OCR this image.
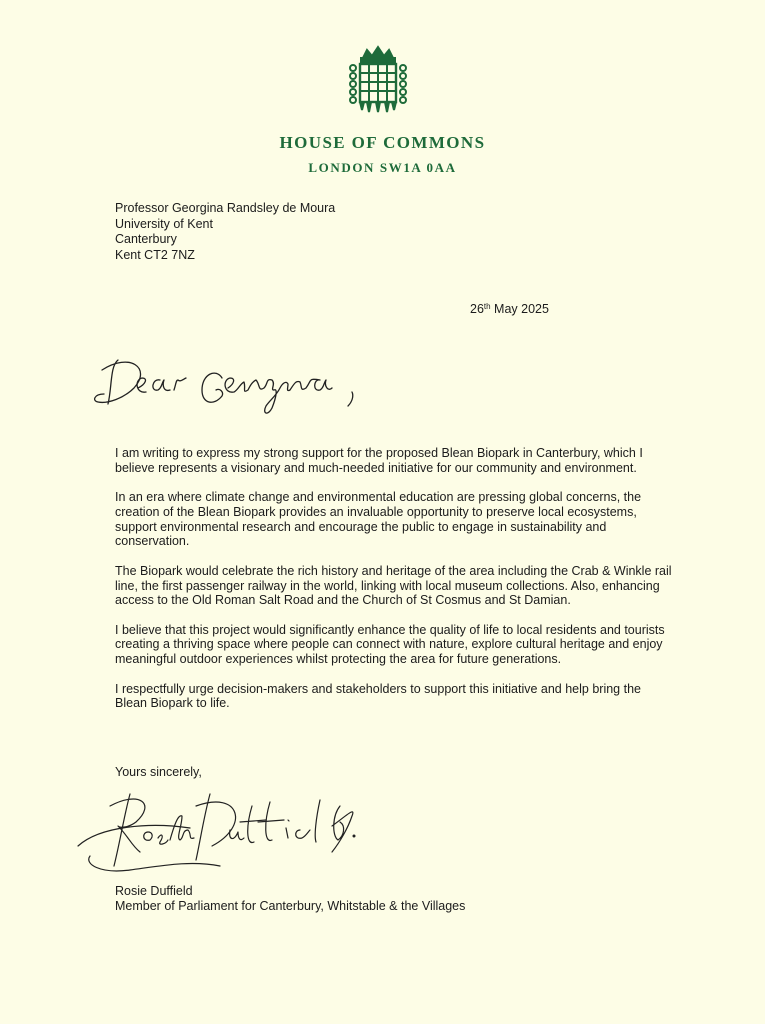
HOUSE OF COMMONS
LONDON SW1A 0AA
Professor Georgina Randsley de Moura
University of Kent
Canterbury
Kent CT2 7NZ
26th May 2025

I am writing to express my strong support for the proposed Blean Biopark in Canterbury, which I believe represents a visionary and much-needed initiative for our community and environment.

In an era where climate change and environmental education are pressing global concerns, the creation of the Blean Biopark provides an invaluable opportunity to preserve local ecosystems, support environmental research and encourage the public to engage in sustainability and conservation.

The Biopark would celebrate the rich history and heritage of the area including the Crab & Winkle rail line, the first passenger railway in the world, linking with local museum collections. Also, enhancing access to the Old Roman Salt Road and the Church of St Cosmus and St Damian.

I believe that this project would significantly enhance the quality of life to local residents and tourists creating a thriving space where people can connect with nature, explore cultural heritage and enjoy meaningful outdoor experiences whilst protecting the area for future generations.

I respectfully urge decision-makers and stakeholders to support this initiative and help bring the Blean Biopark to life.

Yours sincerely,
Rosie Duffield
Member of Parliament for Canterbury, Whitstable & the Villages
